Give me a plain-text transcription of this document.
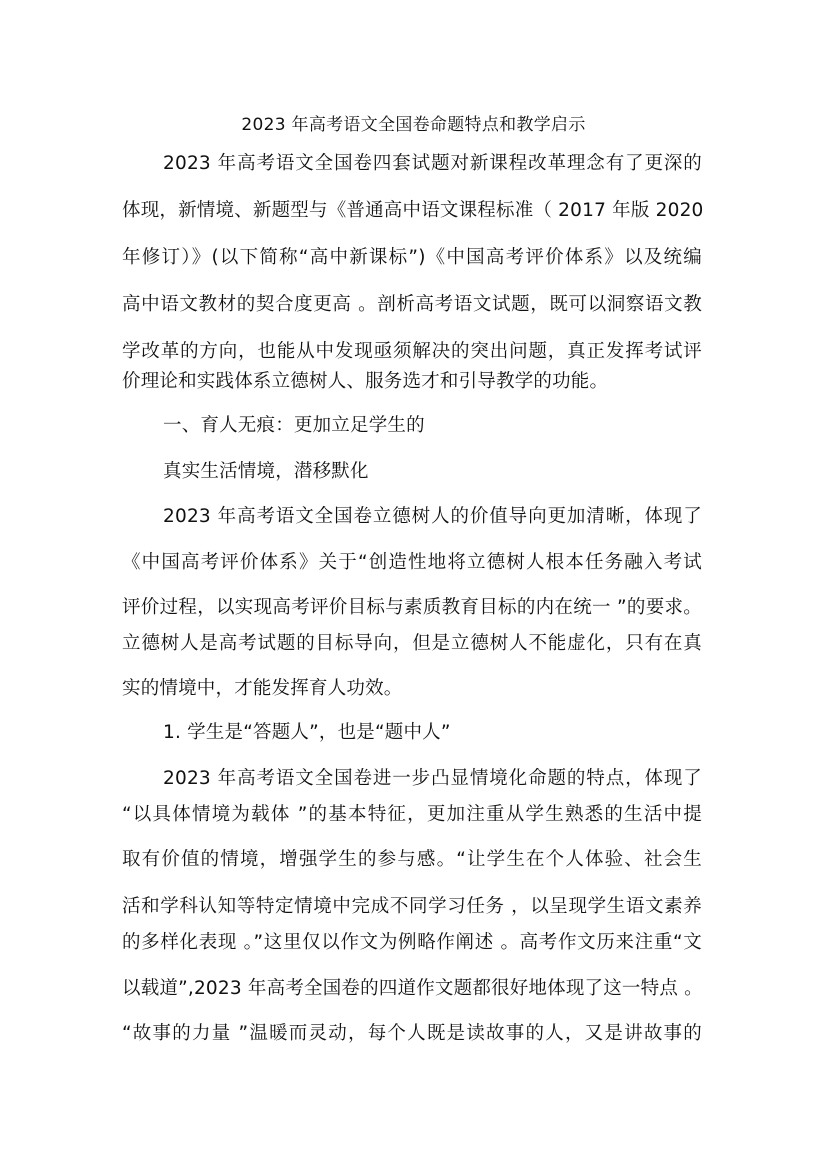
2023 年高考语文全国卷命题特点和教学启示
2023 年高考语文全国卷四套试题对新课程改革理念有了更深的
体现，新情境、新题型与《普通高中语文课程标准（ 2017 年版 2020
年修订）》(以下简称“高中新课标”)《中国高考评价体系》以及统编
高中语文教材的契合度更高 。剖析高考语文试题，既可以洞察语文教
学改革的方向，也能从中发现亟须解决的突出问题，真正发挥考试评
价理论和实践体系立德树人、服务选才和引导教学的功能。
一、育人无痕：更加立足学生的
真实生活情境，潜移默化
2023 年高考语文全国卷立德树人的价值导向更加清晰，体现了
《中国高考评价体系》关于“创造性地将立德树人根本任务融入考试
评价过程，以实现高考评价目标与素质教育目标的内在统一 ”的要求。
立德树人是高考试题的目标导向，但是立德树人不能虚化，只有在真
实的情境中，才能发挥育人功效。
1. 学生是“答题人”，也是“题中人”
2023 年高考语文全国卷进一步凸显情境化命题的特点，体现了
“以具体情境为载体 ”的基本特征，更加注重从学生熟悉的生活中提
取有价值的情境，增强学生的参与感。“让学生在个人体验、社会生
活和学科认知等特定情境中完成不同学习任务 ，以呈现学生语文素养
的多样化表现 。”这里仅以作文为例略作阐述 。高考作文历来注重“文
以载道”,2023 年高考全国卷的四道作文题都很好地体现了这一特点 。
“故事的力量 ”温暖而灵动，每个人既是读故事的人，又是讲故事的
